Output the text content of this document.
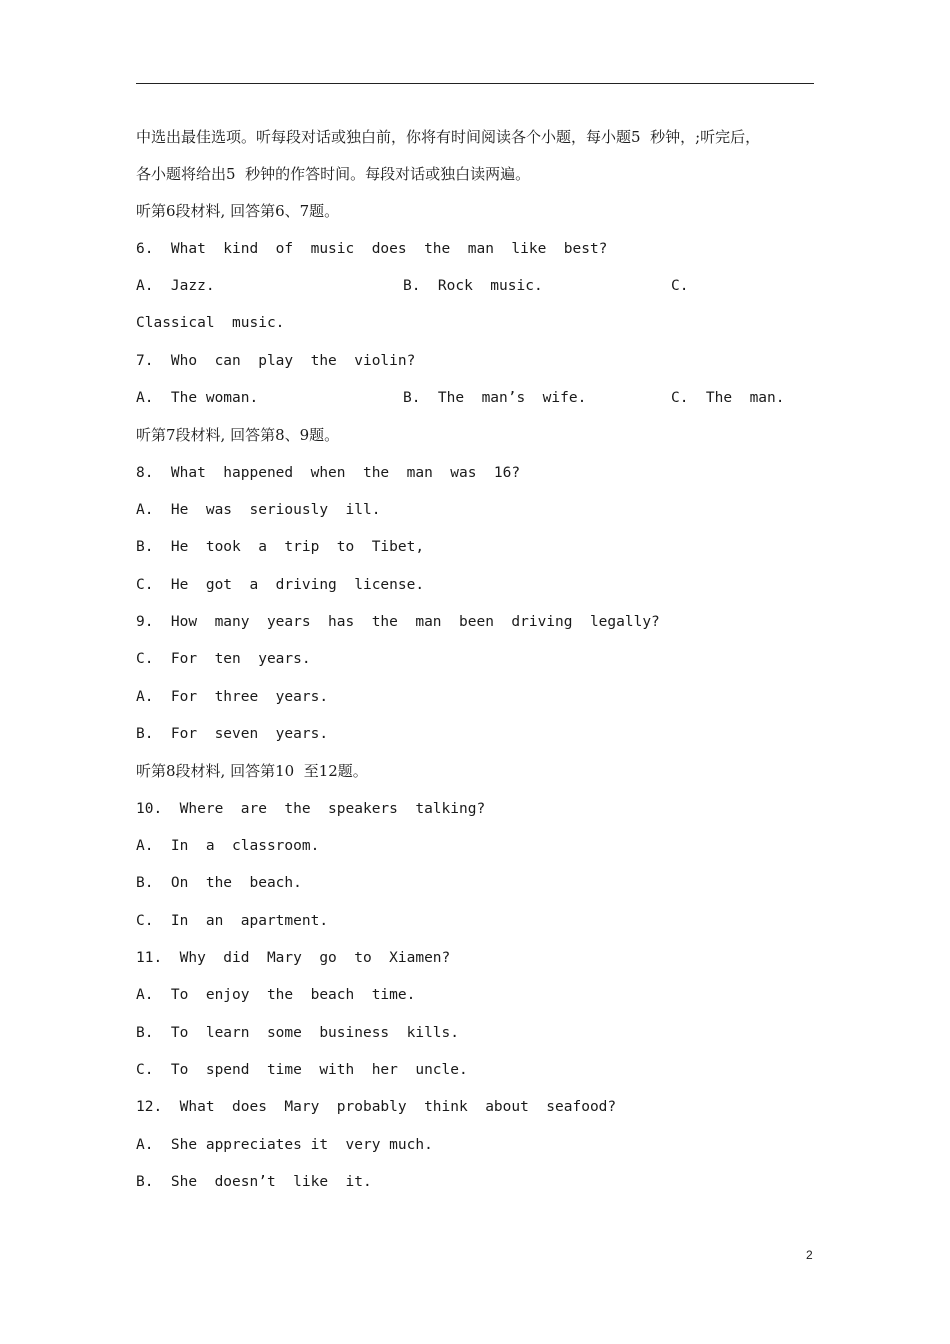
中选出最佳选项。听每段对话或独白前，你将有时间阅读各个小题，每小题5  秒钟，;听完后，
各小题将给出5  秒钟的作答时间。每段对话或独白读两遍。
听第6段材料, 回答第6、7题。
6.  What  kind  of  music  does  the  man  like  best?
A.  Jazz.	B.  Rock  music.	C.
Classical  music.
7.  Who  can  play  the  violin?
A.  The woman.	B.  The  man’s  wife.	C.  The  man.
听第7段材料, 回答第8、9题。
8.  What  happened  when  the  man  was  16?
A.  He  was  seriously  ill.
B.  He  took  a  trip  to  Tibet,
C.  He  got  a  driving  license.
9.  How  many  years  has  the  man  been  driving  legally?
C.  For  ten  years.
A.  For  three  years.
B.  For  seven  years.
听第8段材料, 回答第10  至12题。
10.  Where  are  the  speakers  talking?
A.  In  a  classroom.
B.  On  the  beach.
C.  In  an  apartment.
11.  Why  did  Mary  go  to  Xiamen?
A.  To  enjoy  the  beach  time.
B.  To  learn  some  business  kills.
C.  To  spend  time  with  her  uncle.
12.  What  does  Mary  probably  think  about  seafood?
A.  She appreciates it  very much.
B.  She  doesn’t  like  it.
2
